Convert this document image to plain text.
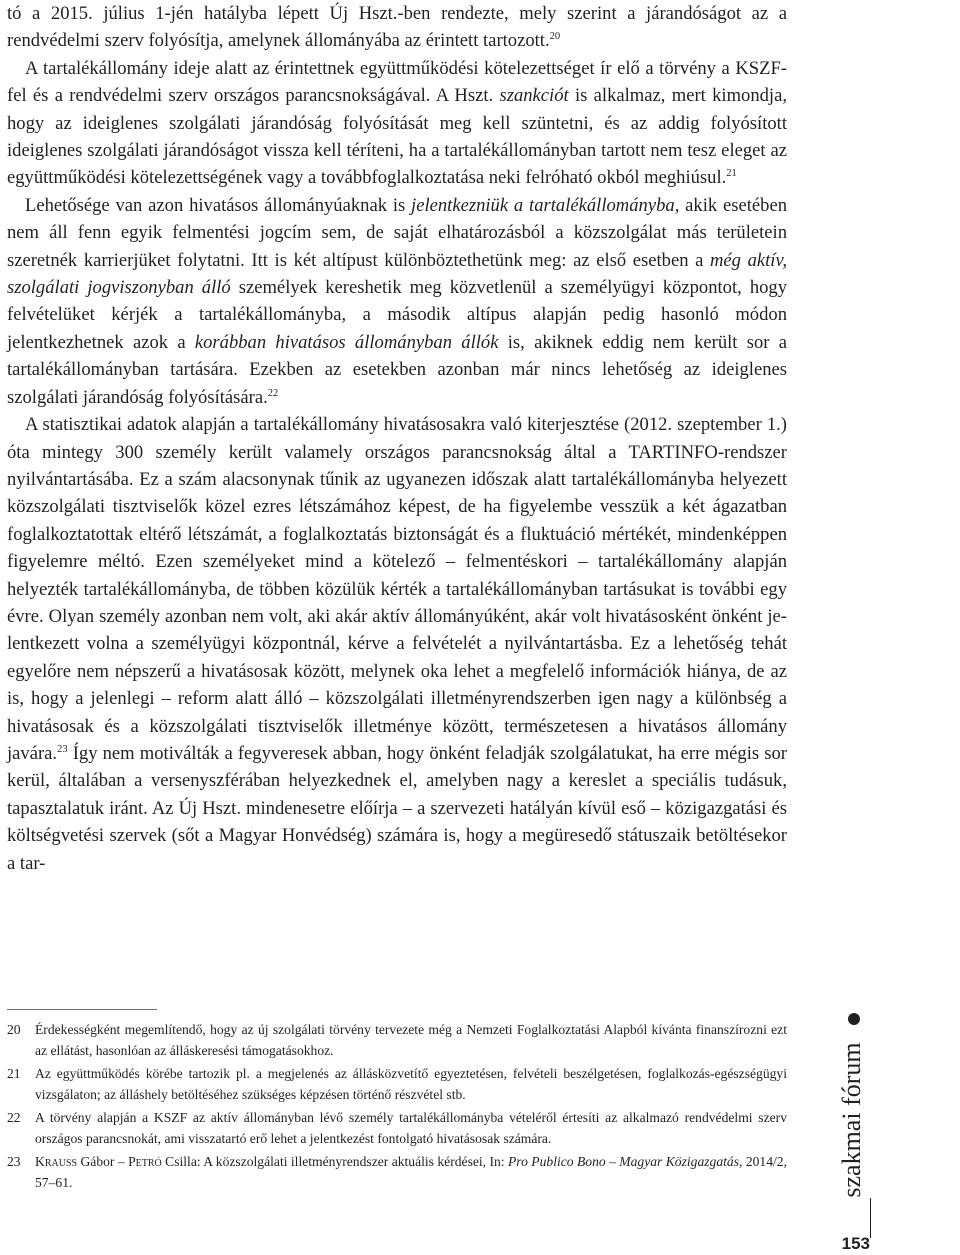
tó a 2015. július 1-jén hatályba lépett Új Hszt.-ben rendezte, mely szerint a járandóságot az a rendvédelmi szerv folyósítja, amelynek állományába az érintett tartozott.$^{20}$

A tartalékállomány ideje alatt az érintettnek együttműködési kötelezettséget ír elő a törvény a KSZF-fel és a rendvédelmi szerv országos parancsnokságával. A Hszt. szankciót is alkalmaz, mert kimondja, hogy az ideiglenes szolgálati járandóság folyósítását meg kell szüntetni, és az addig folyósított ideiglenes szolgálati járandóságot vissza kell téríteni, ha a tartalékállományban tartott nem tesz eleget az együttműködési kötelezettségének vagy a továbbfoglalkoztatása neki felróható okból meghiúsul.$^{21}$

Lehetősége van azon hivatásos állományúaknak is jelentkezniük a tartalékállományba, akik esetében nem áll fenn egyik felmentési jogcím sem, de saját elhatározásból a közszolgálat más területein szeretnék karrierjüket folytatni. Itt is két altípust különböztethetünk meg: az első esetben a még aktív, szolgálati jogviszonyban álló személyek kereshetik meg közvetlenül a személyügyi központot, hogy felvételüket kérjék a tartalékállományba, a második altípus alapján pedig hasonló módon jelentkezhetnek azok a korábban hivatásos állományban állók is, akiknek eddig nem került sor a tartalékállományban tartására. Ezekben az esetekben azonban már nincs lehetőség az ideiglenes szolgálati járandóság folyósítására.$^{22}$

A statisztikai adatok alapján a tartalékállomány hivatásosakra való kiterjesztése (2012. szeptember 1.) óta mintegy 300 személy került valamely országos parancsnokság által a TARTINFO-rendszer nyilvántartásába. Ez a szám alacsonynak tűnik az ugyanezen időszak alatt tartalékállományba helyezett közszolgálati tisztviselők közel ezres létszámához képest, de ha figyelembe vesszük a két ágazatban foglalkoztatottak eltérő létszámát, a foglalkoztatás biztonságát és a fluktuáció mértékét, mindenképpen figyelemre méltó. Ezen személyeket mind a kötelező – felmentéskori – tartalékállomány alapján helyezték tartalékállományba, de többen közülük kérték a tartalékállományban tartásukat is további egy évre. Olyan személy azonban nem volt, aki akár aktív állományúként, akár volt hivatásosként önként jelentkezett volna a személyügyi központnál, kérve a felvételét a nyilvántartásba. Ez a lehetőség tehát egyelőre nem népszerű a hivatásosak között, melynek oka lehet a megfelelő információk hiánya, de az is, hogy a jelenlegi – reform alatt álló – közszolgálati illetményrendszerben igen nagy a különbség a hivatásosak és a közszolgálati tisztviselők illetménye között, természetesen a hivatásos állomány javára.$^{23}$ Így nem motiválták a fegyveresek abban, hogy önként feladják szolgálatukat, ha erre mégis sor kerül, általában a versenyszférában helyezkednek el, amelyben nagy a kereslet a speciális tudásuk, tapasztalatuk iránt. Az Új Hszt. mindenesetre előírja – a szervezeti hatályán kívül eső – közigazgatási és költségvetési szervek (sőt a Magyar Honvédség) számára is, hogy a megüresedő státuszaik betöltésekor a tar-

20	Érdekességként megemlítendő, hogy az új szolgálati törvény tervezete még a Nemzeti Foglalkoztatási Alapból kívánta finanszírozni ezt az ellátást, hasonlóan az álláskeresési támogatásokhoz.
21	Az együttműködés körébe tartozik pl. a megjelenés az állásközvetítő egyeztetésen, felvételi beszélgetésen, foglalkozás-egészségügyi vizsgálaton; az álláshely betöltéséhez szükséges képzésen történő részvétel stb.
22	A törvény alapján a KSZF az aktív állományban lévő személy tartalékállományba vételéről értesíti az alkalmazó rendvédelmi szerv országos parancsnokát, ami visszatartó erő lehet a jelentkezést fontolgató hivatásosak számára.
23	Krauss Gábor – Petró Csilla: A közszolgálati illetményrendszer aktuális kérdései, In: Pro Publico Bono – Magyar Közigazgatás, 2014/2, 57–61.	szakmai fórum
153
